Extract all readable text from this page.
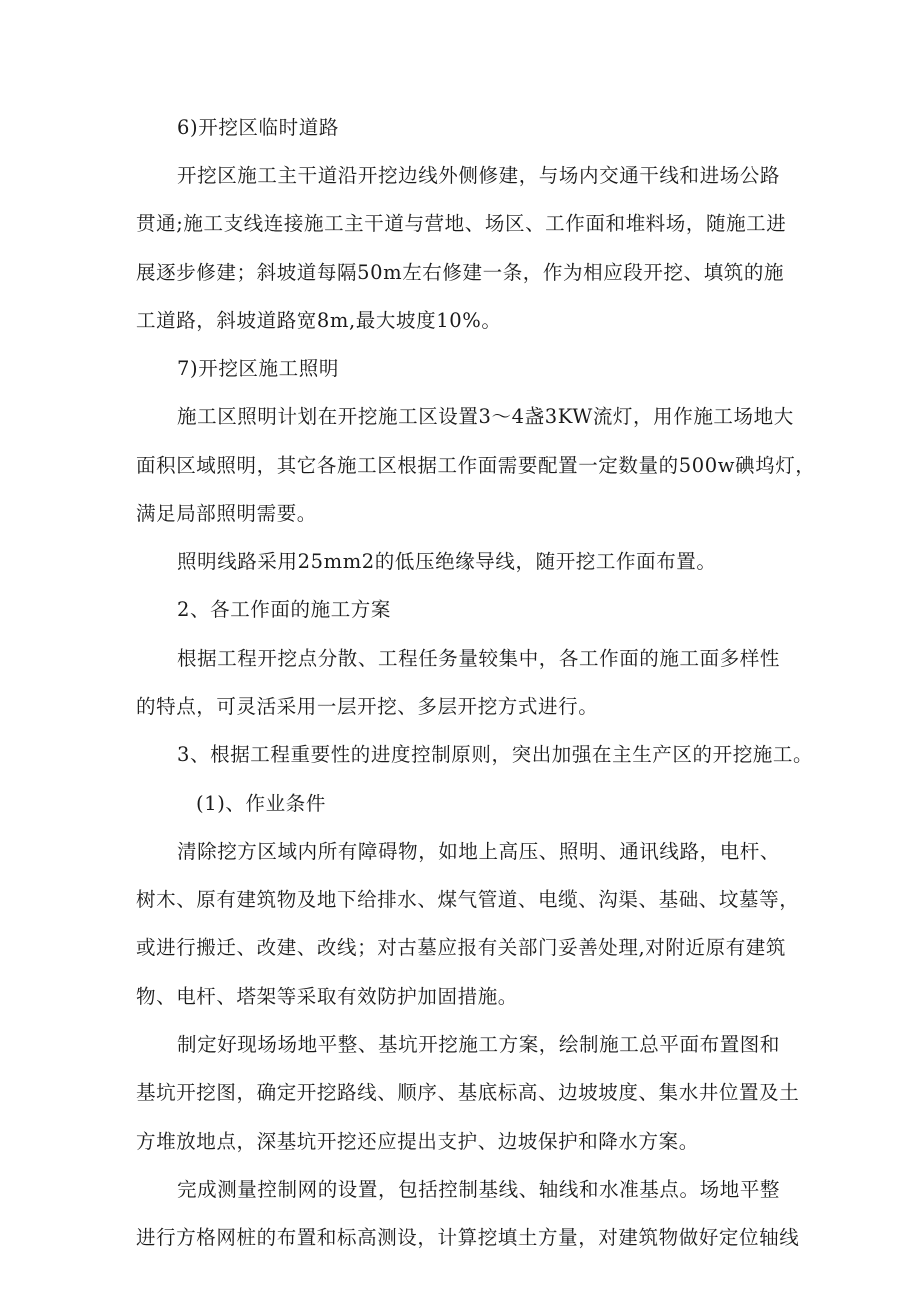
6)开挖区临时道路
开挖区施工主干道沿开挖边线外侧修建，与场内交通干线和进场公路
贯通;施工支线连接施工主干道与营地、场区、工作面和堆料场，随施工进
展逐步修建；斜坡道每隔50m左右修建一条，作为相应段开挖、填筑的施
工道路，斜坡道路宽8m,最大坡度10%。
7)开挖区施工照明
施工区照明计划在开挖施工区设置3～4盏3KW流灯，用作施工场地大
面积区域照明，其它各施工区根据工作面需要配置一定数量的500w碘坞灯，
满足局部照明需要。
照明线路采用25mm2的低压绝缘导线，随开挖工作面布置。
2、各工作面的施工方案
根据工程开挖点分散、工程任务量较集中，各工作面的施工面多样性
的特点，可灵活采用一层开挖、多层开挖方式进行。
3、根据工程重要性的进度控制原则，突出加强在主生产区的开挖施工。
(1)、作业条件
清除挖方区域内所有障碍物，如地上高压、照明、通讯线路，电杆、
树木、原有建筑物及地下给排水、煤气管道、电缆、沟渠、基础、坟墓等，
或进行搬迁、改建、改线；对古墓应报有关部门妥善处理,对附近原有建筑
物、电杆、塔架等采取有效防护加固措施。
制定好现场场地平整、基坑开挖施工方案，绘制施工总平面布置图和
基坑开挖图，确定开挖路线、顺序、基底标高、边坡坡度、集水井位置及土
方堆放地点，深基坑开挖还应提出支护、边坡保护和降水方案。
完成测量控制网的设置，包括控制基线、轴线和水准基点。场地平整
进行方格网桩的布置和标高测设，计算挖填土方量，对建筑物做好定位轴线
